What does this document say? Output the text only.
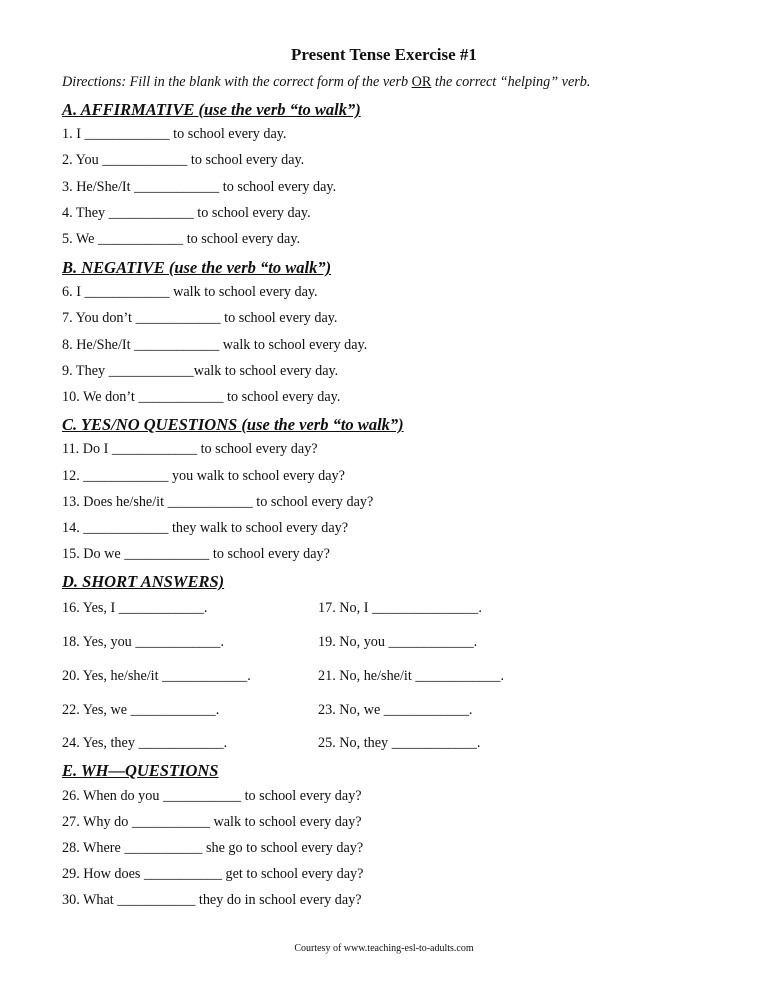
Present Tense Exercise #1
Directions: Fill in the blank with the correct form of the verb OR the correct “helping” verb.
A. AFFIRMATIVE (use the verb “to walk”)
1. I ____________ to school every day.
2. You ____________ to school every day.
3. He/She/It ____________ to school every day.
4. They ____________ to school every day.
5. We ____________ to school every day.
B. NEGATIVE (use the verb “to walk”)
6. I ____________ walk to school every day.
7. You don’t ____________ to school every day.
8. He/She/It ____________ walk to school every day.
9. They ____________walk to school every day.
10. We don’t ____________ to school every day.
C. YES/NO QUESTIONS (use the verb “to walk”)
11. Do I ____________ to school every day?
12. ____________ you walk to school every day?
13. Does he/she/it ____________ to school every day?
14. ____________ they walk to school every day?
15. Do we ____________ to school every day?
D. SHORT ANSWERS)
16. Yes, I ____________.	17. No, I _______________.
18. Yes, you ____________.	19. No, you ____________.
20. Yes, he/she/it ____________.	21. No, he/she/it ____________.
22. Yes, we ____________.	23. No, we ____________.
24. Yes, they ____________.	25. No, they ____________.
E. WH—QUESTIONS
26. When do you ___________ to school every day?
27. Why do ___________ walk to school every day?
28. Where ___________ she go to school every day?
29. How does ___________ get to school every day?
30. What ___________ they do in school every day?
Courtesy of www.teaching-esl-to-adults.com
